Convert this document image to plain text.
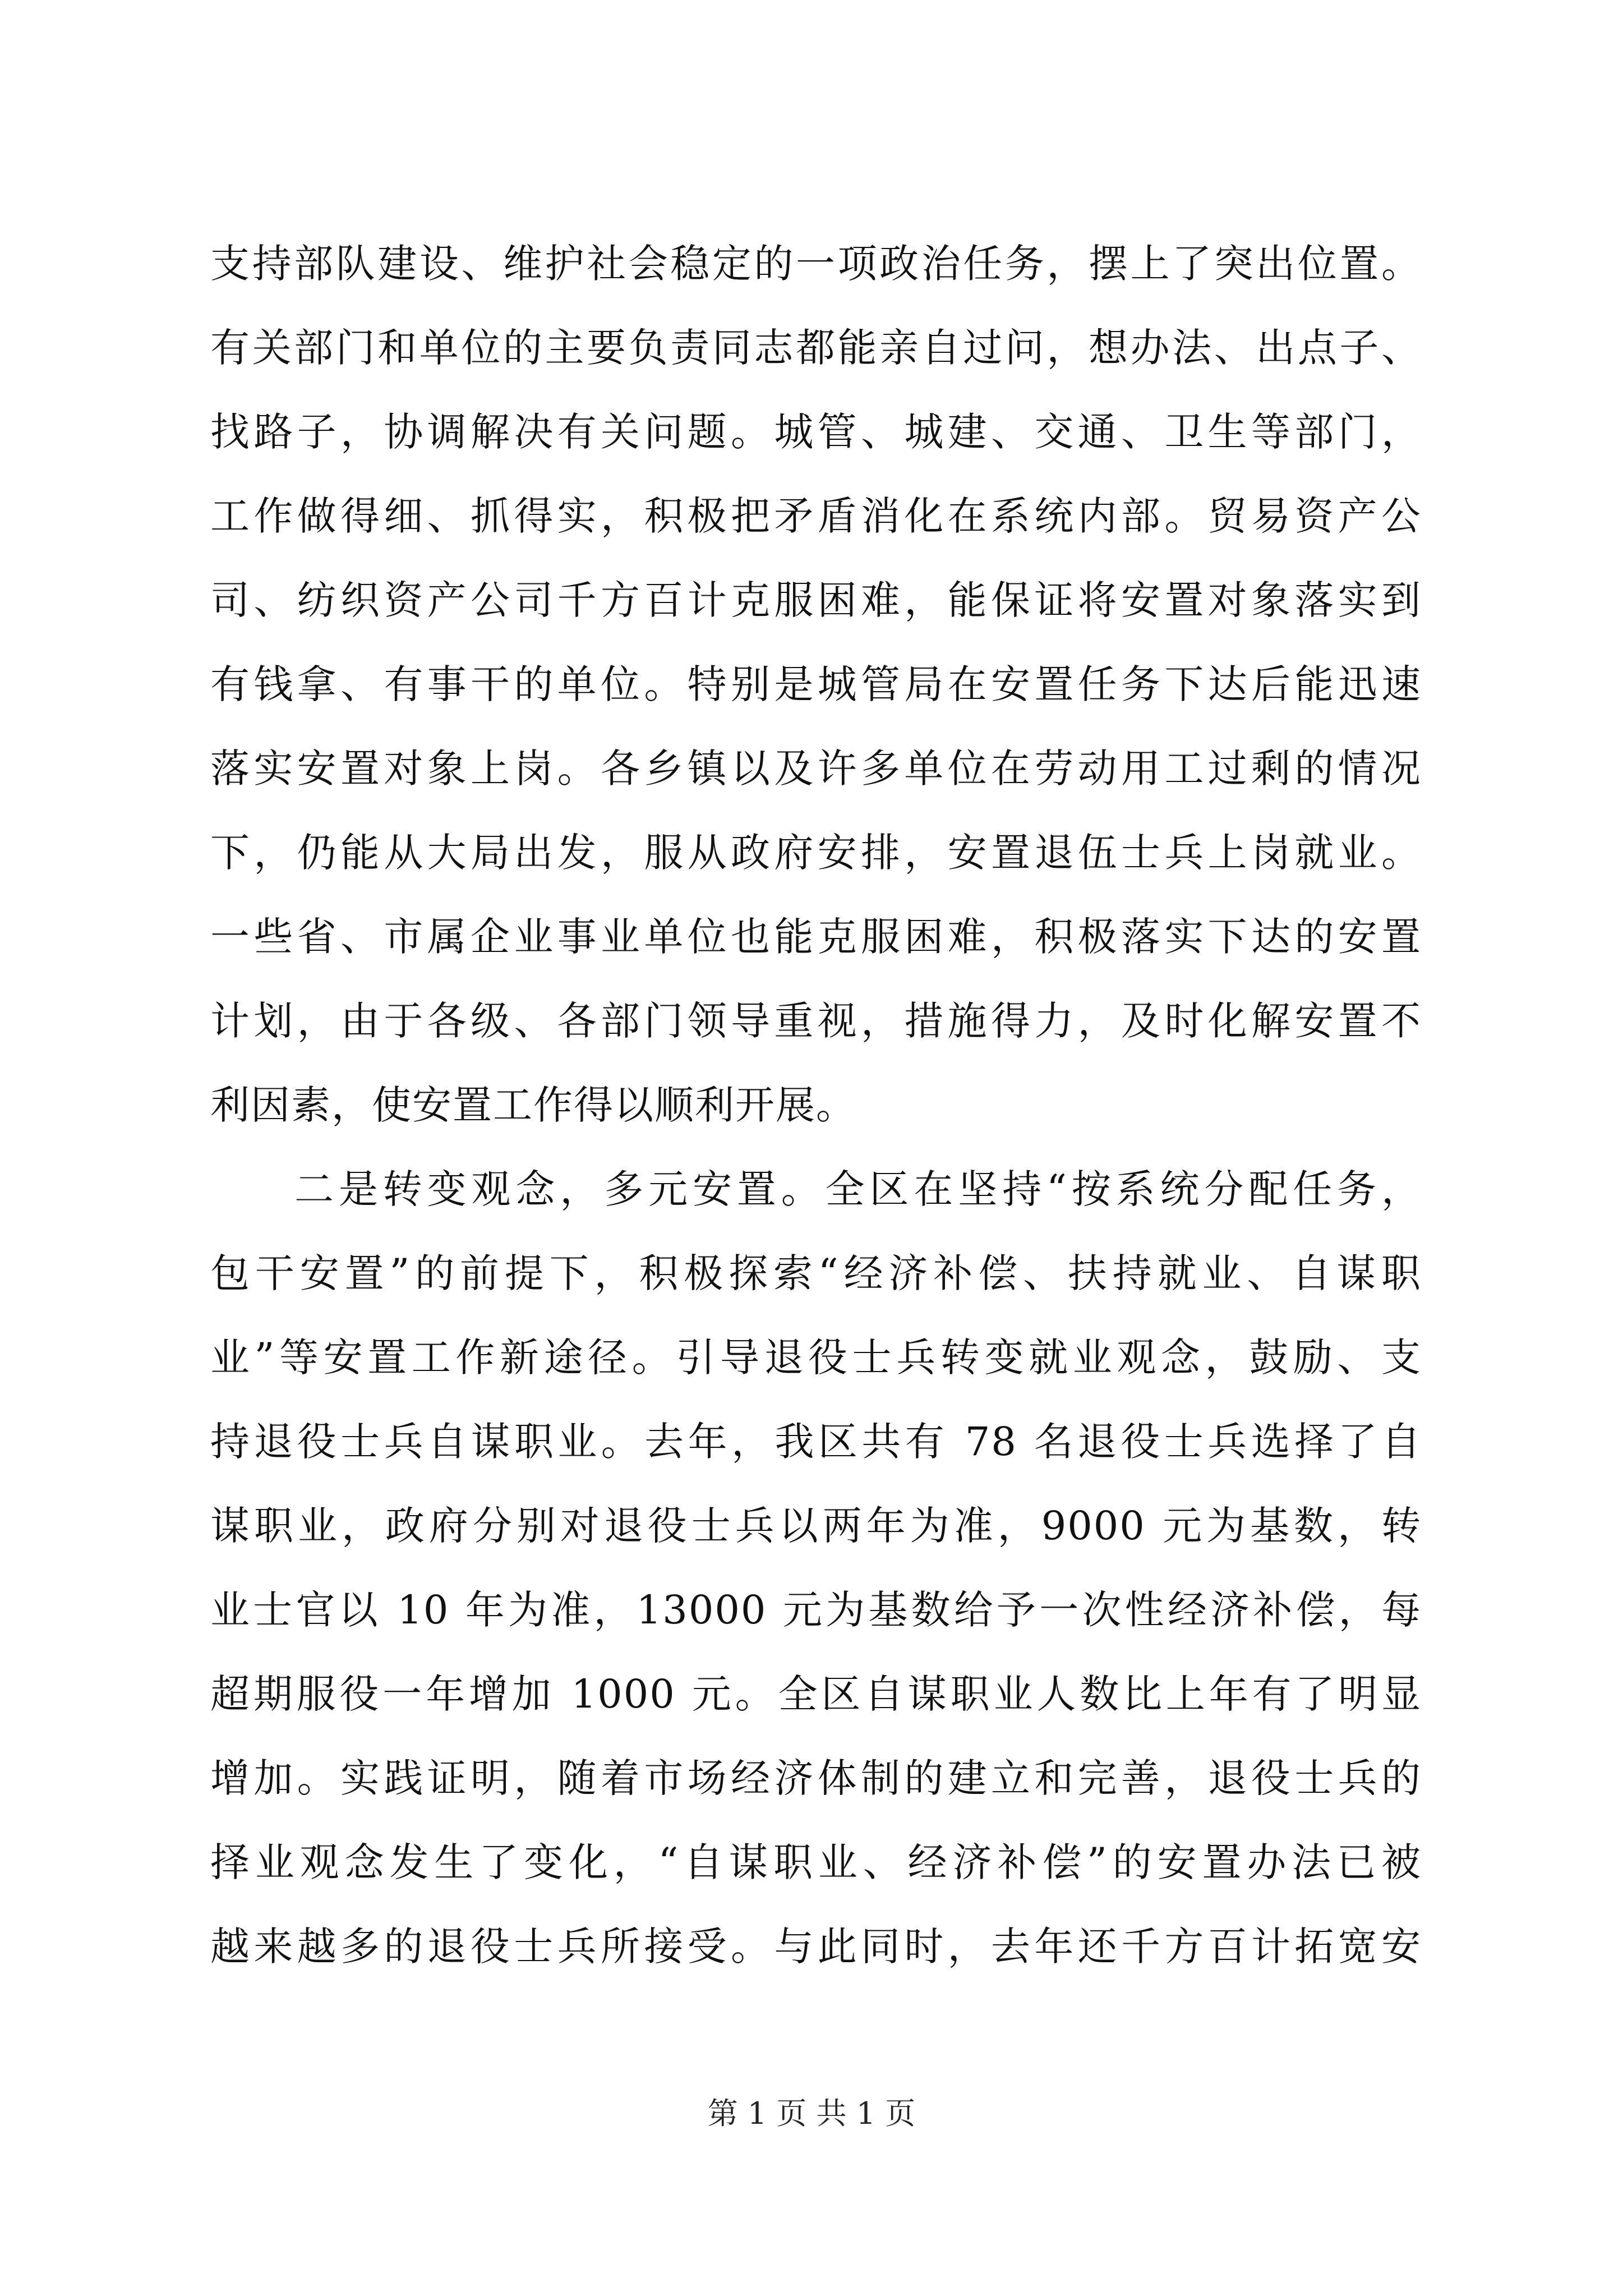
支持部队建设、维护社会稳定的一项政治任务，摆上了突出位置。
有关部门和单位的主要负责同志都能亲自过问，想办法、出点子、
找路子，协调解决有关问题。城管、城建、交通、卫生等部门，
工作做得细、抓得实，积极把矛盾消化在系统内部。贸易资产公
司、纺织资产公司千方百计克服困难，能保证将安置对象落实到
有钱拿、有事干的单位。特别是城管局在安置任务下达后能迅速
落实安置对象上岗。各乡镇以及许多单位在劳动用工过剩的情况
下，仍能从大局出发，服从政府安排，安置退伍士兵上岗就业。
一些省、市属企业事业单位也能克服困难，积极落实下达的安置
计划，由于各级、各部门领导重视，措施得力，及时化解安置不
利因素，使安置工作得以顺利开展。
二是转变观念，多元安置。全区在坚持“按系统分配任务，
包干安置”的前提下，积极探索“经济补偿、扶持就业、自谋职
业”等安置工作新途径。引导退役士兵转变就业观念，鼓励、支
持退役士兵自谋职业。去年，我区共有 78 名退役士兵选择了自
谋职业，政府分别对退役士兵以两年为准，9000 元为基数，转
业士官以 10 年为准，13000 元为基数给予一次性经济补偿，每
超期服役一年增加 1000 元。全区自谋职业人数比上年有了明显
增加。实践证明，随着市场经济体制的建立和完善，退役士兵的
择业观念发生了变化，“自谋职业、经济补偿”的安置办法已被
越来越多的退役士兵所接受。与此同时，去年还千方百计拓宽安
第 1 页 共 1 页
